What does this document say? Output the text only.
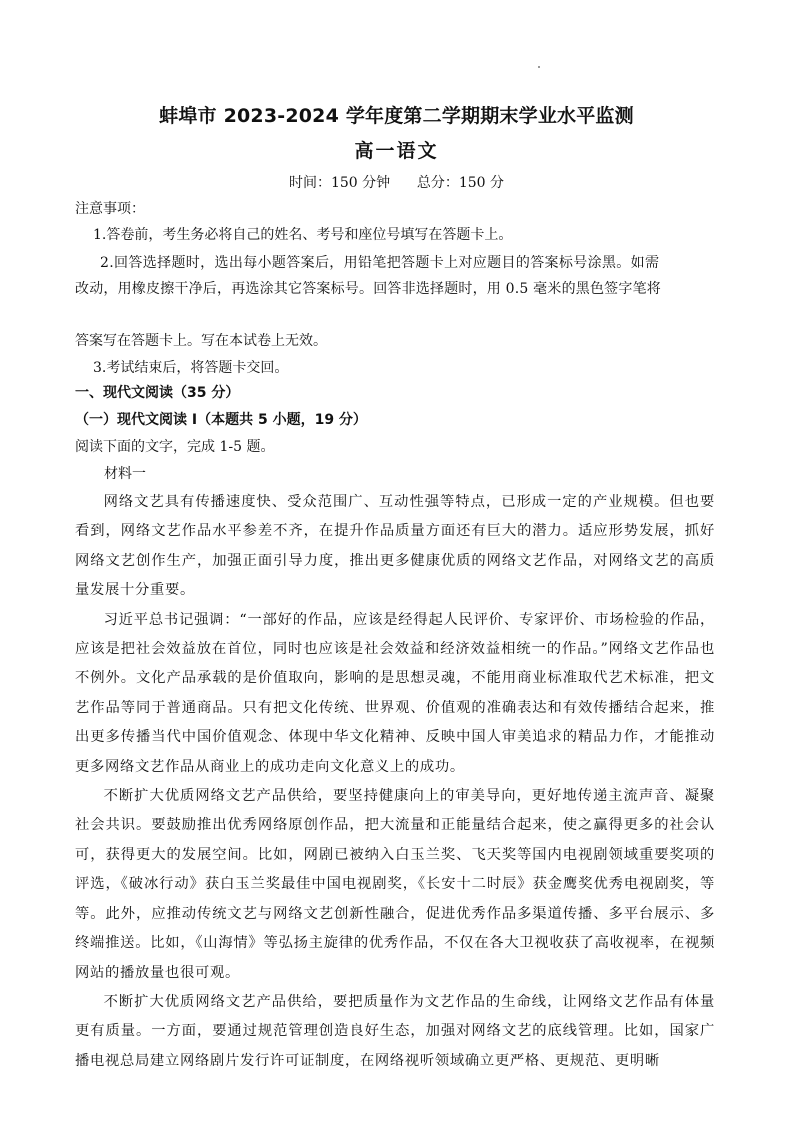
蚌埠市 2023-2024 学年度第二学期期末学业水平监测
高一语文
时间：150 分钟      总分：150 分
注意事项：
1.答卷前，考生务必将自己的姓名、考号和座位号填写在答题卡上。
2.回答选择题时，选出每小题答案后，用铅笔把答题卡上对应题目的答案标号涂黑。如需
改动，用橡皮擦干净后，再选涂其它答案标号。回答非选择题时，用 0.5 毫米的黑色签字笔将
答案写在答题卡上。写在本试卷上无效。
3.考试结束后，将答题卡交回。
一、现代文阅读（35 分）
（一）现代文阅读 I（本题共 5 小题，19 分）
阅读下面的文字，完成 1-5 题。
材料一

网络文艺具有传播速度快、受众范围广、互动性强等特点，已形成一定的产业规模。但也要看到，网络文艺作品水平参差不齐，在提升作品质量方面还有巨大的潜力。适应形势发展，抓好网络文艺创作生产，加强正面引导力度，推出更多健康优质的网络文艺作品，对网络文艺的高质量发展十分重要。

习近平总书记强调：“一部好的作品，应该是经得起人民评价、专家评价、市场检验的作品，应该是把社会效益放在首位，同时也应该是社会效益和经济效益相统一的作品。”网络文艺作品也不例外。文化产品承载的是价值取向，影响的是思想灵魂，不能用商业标准取代艺术标准，把文艺作品等同于普通商品。只有把文化传统、世界观、价值观的准确表达和有效传播结合起来，推出更多传播当代中国价值观念、体现中华文化精神、反映中国人审美追求的精品力作，才能推动更多网络文艺作品从商业上的成功走向文化意义上的成功。

不断扩大优质网络文艺产品供给，要坚持健康向上的审美导向，更好地传递主流声音、凝聚社会共识。要鼓励推出优秀网络原创作品，把大流量和正能量结合起来，使之赢得更多的社会认可，获得更大的发展空间。比如，网剧已被纳入白玉兰奖、飞天奖等国内电视剧领域重要奖项的评选，《破冰行动》获白玉兰奖最佳中国电视剧奖，《长安十二时辰》获金鹰奖优秀电视剧奖，等等。此外，应推动传统文艺与网络文艺创新性融合，促进优秀作品多渠道传播、多平台展示、多终端推送。比如，《山海情》等弘扬主旋律的优秀作品，不仅在各大卫视收获了高收视率，在视频网站的播放量也很可观。

不断扩大优质网络文艺产品供给，要把质量作为文艺作品的生命线，让网络文艺作品有体量更有质量。一方面，要通过规范管理创造良好生态，加强对网络文艺的底线管理。比如，国家广播电视总局建立网络剧片发行许可证制度，在网络视听领域确立更严格、更规范、更明晰
